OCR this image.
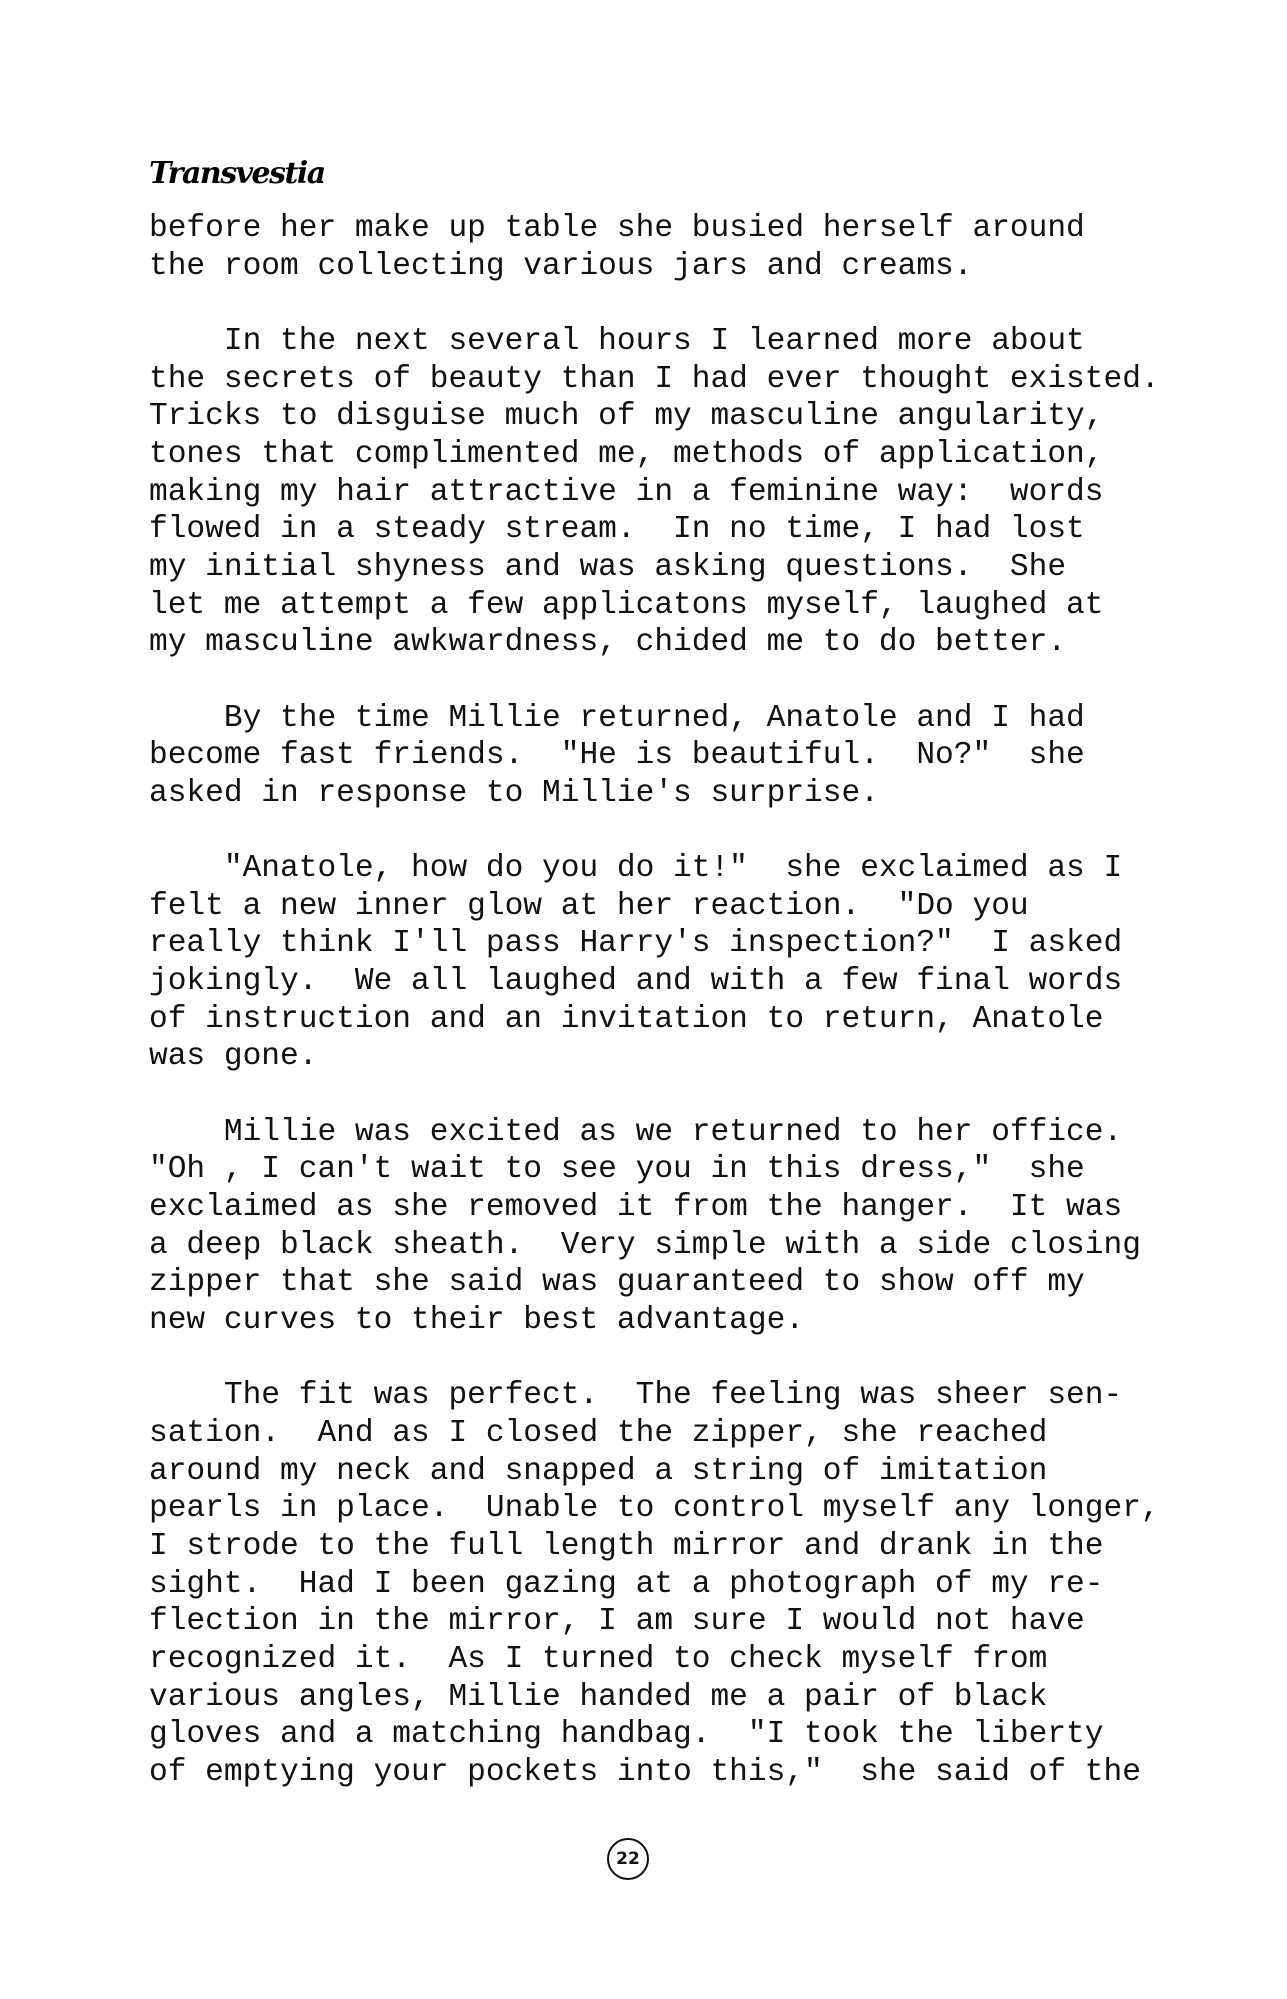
Transvestia
before her make up table she busied herself around
the room collecting various jars and creams.
In the next several hours I learned more about
the secrets of beauty than I had ever thought existed.
Tricks to disguise much of my masculine angularity,
tones that complimented me, methods of application,
making my hair attractive in a feminine way:  words
flowed in a steady stream.  In no time, I had lost
my initial shyness and was asking questions.  She
let me attempt a few applicatons myself, laughed at
my masculine awkwardness, chided me to do better.
By the time Millie returned, Anatole and I had
become fast friends.  "He is beautiful.  No?"  she
asked in response to Millie's surprise.
"Anatole, how do you do it!"  she exclaimed as I
felt a new inner glow at her reaction.  "Do you
really think I'll pass Harry's inspection?"  I asked
jokingly.  We all laughed and with a few final words
of instruction and an invitation to return, Anatole
was gone.
Millie was excited as we returned to her office.
"Oh , I can't wait to see you in this dress,"  she
exclaimed as she removed it from the hanger.  It was
a deep black sheath.  Very simple with a side closing
zipper that she said was guaranteed to show off my
new curves to their best advantage.
The fit was perfect.  The feeling was sheer sen-
sation.  And as I closed the zipper, she reached
around my neck and snapped a string of imitation
pearls in place.  Unable to control myself any longer,
I strode to the full length mirror and drank in the
sight.  Had I been gazing at a photograph of my re-
flection in the mirror, I am sure I would not have
recognized it.  As I turned to check myself from
various angles, Millie handed me a pair of black
gloves and a matching handbag.  "I took the liberty
of emptying your pockets into this,"  she said of the
22
